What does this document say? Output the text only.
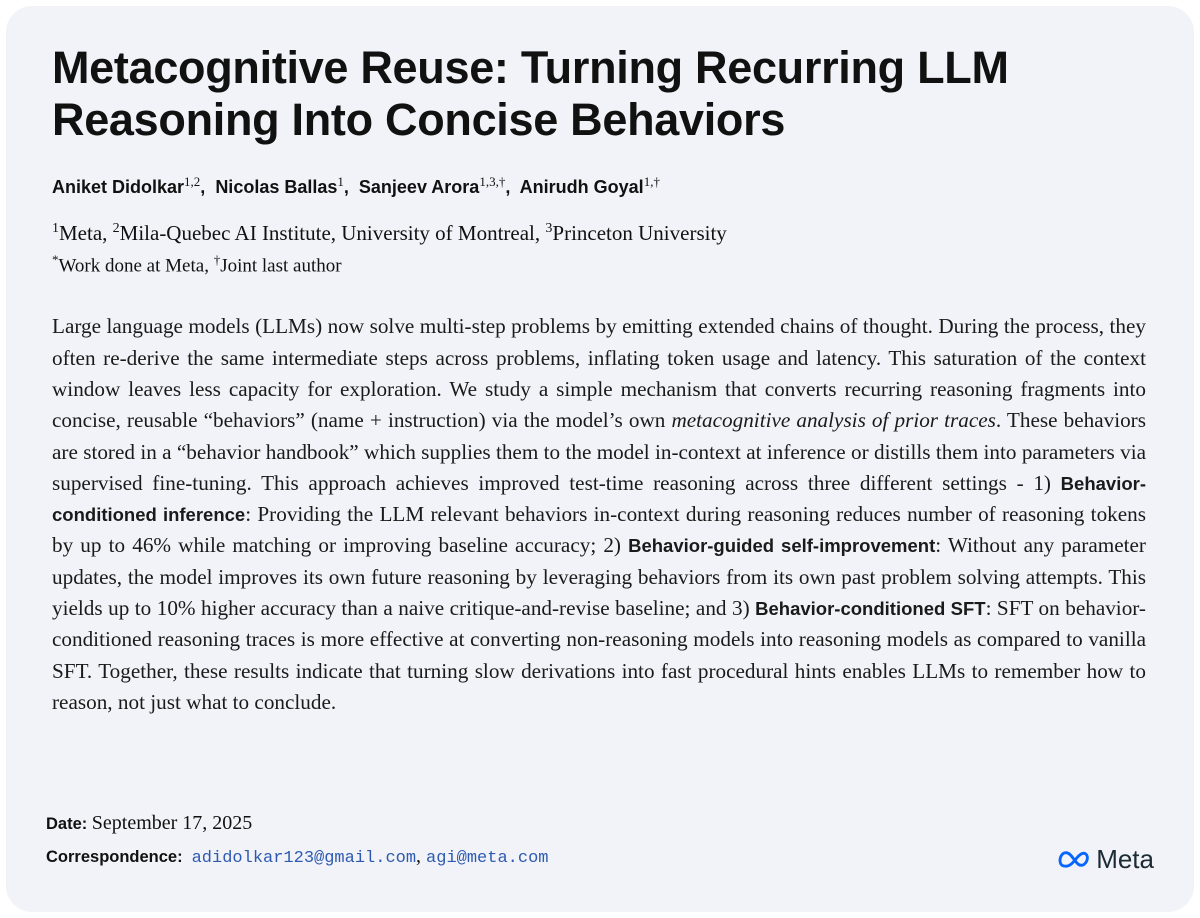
Metacognitive Reuse: Turning Recurring LLM Reasoning Into Concise Behaviors
Aniket Didolkar$^{1,2}$,  Nicolas Ballas$^1$,  Sanjeev Arora$^{1,3,\dagger}$,  Anirudh Goyal$^{1,\dagger}$
$^1$Meta, $^2$Mila-Quebec AI Institute, University of Montreal, $^3$Princeton University
*Work done at Meta, †Joint last author
Large language models (LLMs) now solve multi-step problems by emitting extended chains of thought. During the process, they often re-derive the same intermediate steps across problems, inflating token usage and latency. This saturation of the context window leaves less capacity for exploration. We study a simple mechanism that converts recurring reasoning fragments into concise, reusable “behaviors” (name + instruction) via the model’s own metacognitive analysis of prior traces. These behaviors are stored in a “behavior handbook” which supplies them to the model in-context at inference or distills them into parameters via supervised fine-tuning. This approach achieves improved test-time reasoning across three different settings - 1) Behavior-conditioned inference: Providing the LLM relevant behaviors in-context during reasoning reduces number of reasoning tokens by up to 46% while matching or improving baseline accuracy; 2) Behavior-guided self-improvement: Without any parameter updates, the model improves its own future reasoning by leveraging behaviors from its own past problem solving attempts. This yields up to 10% higher accuracy than a naive critique-and-revise baseline; and 3) Behavior-conditioned SFT: SFT on behavior-conditioned reasoning traces is more effective at converting non-reasoning models into reasoning models as compared to vanilla SFT. Together, these results indicate that turning slow derivations into fast procedural hints enables LLMs to remember how to reason, not just what to conclude.
Date: September 17, 2025
Correspondence: adidolkar123@gmail.com, agi@meta.com	Meta
